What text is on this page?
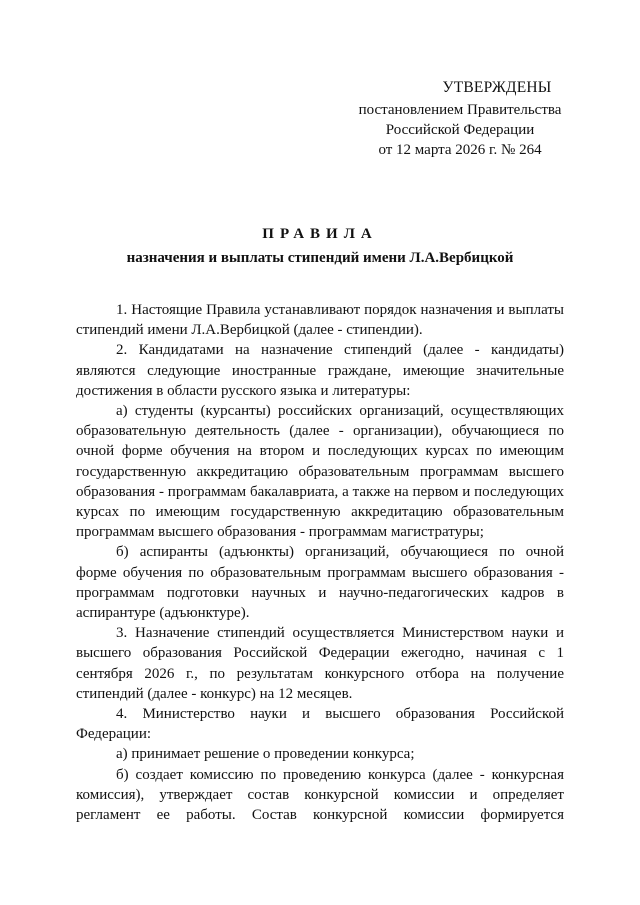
УТВЕРЖДЕНЫ
постановлением Правительства
Российской Федерации
от 12 марта 2026 г. № 264
ПРАВИЛА
назначения и выплаты стипендий имени Л.А.Вербицкой

1. Настоящие Правила устанавливают порядок назначения и выплаты стипендий имени Л.А.Вербицкой (далее - стипендии).

2. Кандидатами на назначение стипендий (далее - кандидаты) являются следующие иностранные граждане, имеющие значительные достижения в области русского языка и литературы:

а) студенты (курсанты) российских организаций, осуществляющих образовательную деятельность (далее - организации), обучающиеся по очной форме обучения на втором и последующих курсах по имеющим государственную аккредитацию образовательным программам высшего образования - программам бакалавриата, а также на первом и последующих курсах по имеющим государственную аккредитацию образовательным программам высшего образования - программам магистратуры;

б) аспиранты (адъюнкты) организаций, обучающиеся по очной форме обучения по образовательным программам высшего образования - программам подготовки научных и научно-педагогических кадров в аспирантуре (адъюнктуре).

3. Назначение стипендий осуществляется Министерством науки и высшего образования Российской Федерации ежегодно, начиная с 1 сентября 2026 г., по результатам конкурсного отбора на получение стипендий (далее - конкурс) на 12 месяцев.

4. Министерство науки и высшего образования Российской Федерации:

а) принимает решение о проведении конкурса;

б) создает комиссию по проведению конкурса (далее - конкурсная комиссия), утверждает состав конкурсной комиссии и определяет регламент ее работы. Состав конкурсной комиссии формируется
